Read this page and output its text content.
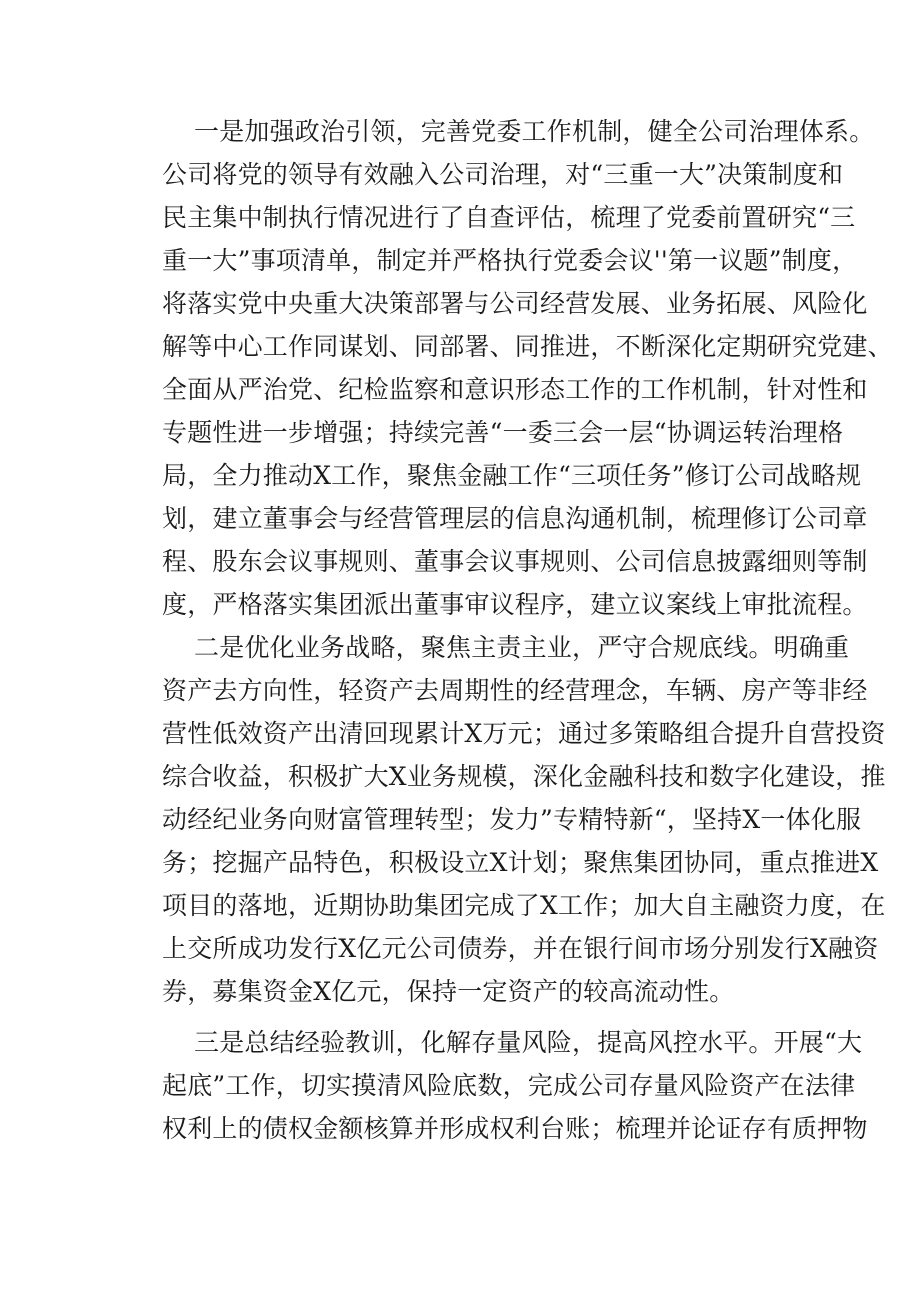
一是加强政治引领，完善党委工作机制，健全公司治理体系。
公司将党的领导有效融入公司治理，对“三重一大”决策制度和
民主集中制执行情况进行了自查评估，梳理了党委前置研究“三
重一大”事项清单，制定并严格执行党委会议''第一议题”制度，
将落实党中央重大决策部署与公司经营发展、业务拓展、风险化
解等中心工作同谋划、同部署、同推进，不断深化定期研究党建、
全面从严治党、纪检监察和意识形态工作的工作机制，针对性和
专题性进一步增强；持续完善“一委三会一层“协调运转治理格
局，全力推动X工作，聚焦金融工作“三项任务”修订公司战略规
划，建立董事会与经营管理层的信息沟通机制，梳理修订公司章
程、股东会议事规则、董事会议事规则、公司信息披露细则等制
度，严格落实集团派出董事审议程序，建立议案线上审批流程。
二是优化业务战略，聚焦主责主业，严守合规底线。明确重
资产去方向性，轻资产去周期性的经营理念，车辆、房产等非经
营性低效资产出清回现累计X万元；通过多策略组合提升自营投资
综合收益，积极扩大X业务规模，深化金融科技和数字化建设，推
动经纪业务向财富管理转型；发力”专精特新“，坚持X一体化服
务；挖掘产品特色，积极设立X计划；聚焦集团协同，重点推进X
项目的落地，近期协助集团完成了X工作；加大自主融资力度，在
上交所成功发行X亿元公司债券，并在银行间市场分别发行X融资
券，募集资金X亿元，保持一定资产的较高流动性。
三是总结经验教训，化解存量风险，提高风控水平。开展“大
起底”工作，切实摸清风险底数，完成公司存量风险资产在法律
权利上的债权金额核算并形成权利台账；梳理并论证存有质押物
